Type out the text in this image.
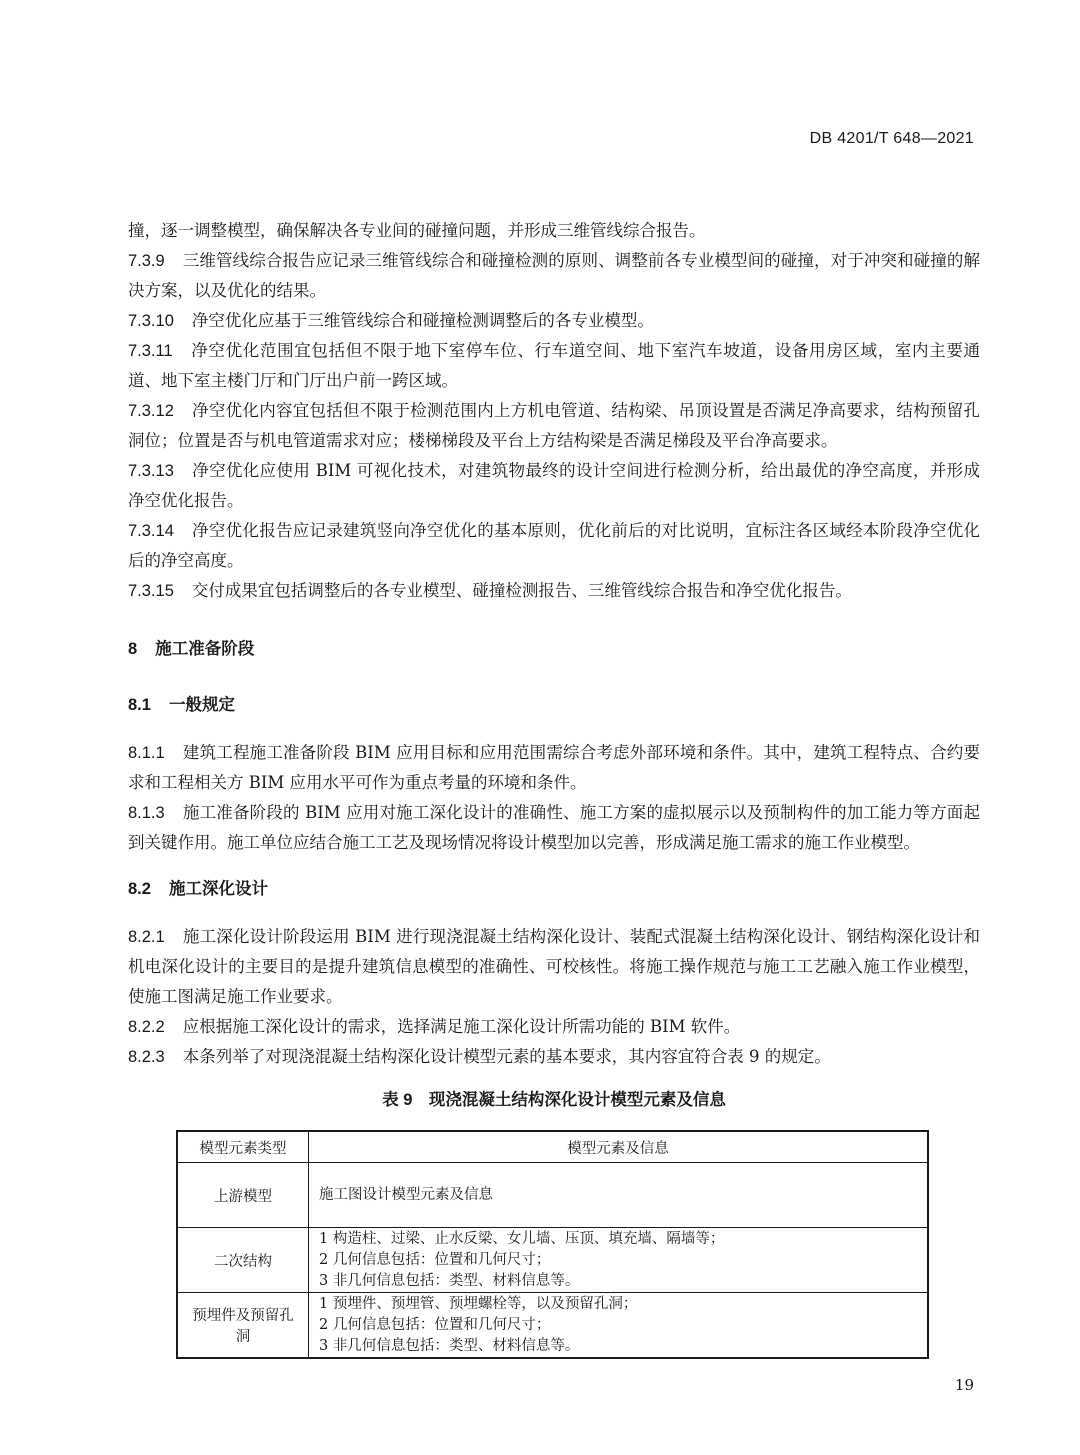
DB 4201/T 648—2021

撞，逐一调整模型，确保解决各专业间的碰撞问题，并形成三维管线综合报告。

7.3.9 三维管线综合报告应记录三维管线综合和碰撞检测的原则、调整前各专业模型间的碰撞，对于冲突和碰撞的解决方案，以及优化的结果。

7.3.10 净空优化应基于三维管线综合和碰撞检测调整后的各专业模型。

7.3.11 净空优化范围宜包括但不限于地下室停车位、行车道空间、地下室汽车坡道，设备用房区域，室内主要通道、地下室主楼门厅和门厅出户前一跨区域。

7.3.12 净空优化内容宜包括但不限于检测范围内上方机电管道、结构梁、吊顶设置是否满足净高要求，结构预留孔洞位；位置是否与机电管道需求对应；楼梯梯段及平台上方结构梁是否满足梯段及平台净高要求。

7.3.13 净空优化应使用 BIM 可视化技术，对建筑物最终的设计空间进行检测分析，给出最优的净空高度，并形成净空优化报告。

7.3.14 净空优化报告应记录建筑竖向净空优化的基本原则，优化前后的对比说明，宜标注各区域经本阶段净空优化后的净空高度。

7.3.15 交付成果宜包括调整后的各专业模型、碰撞检测报告、三维管线综合报告和净空优化报告。

8 施工准备阶段
8.1 一般规定

8.1.1 建筑工程施工准备阶段 BIM 应用目标和应用范围需综合考虑外部环境和条件。其中，建筑工程特点、合约要求和工程相关方 BIM 应用水平可作为重点考量的环境和条件。

8.1.3 施工准备阶段的 BIM 应用对施工深化设计的准确性、施工方案的虚拟展示以及预制构件的加工能力等方面起到关键作用。施工单位应结合施工工艺及现场情况将设计模型加以完善，形成满足施工需求的施工作业模型。

8.2 施工深化设计

8.2.1 施工深化设计阶段运用 BIM 进行现浇混凝土结构深化设计、装配式混凝土结构深化设计、钢结构深化设计和机电深化设计的主要目的是提升建筑信息模型的准确性、可校核性。将施工操作规范与施工工艺融入施工作业模型，使施工图满足施工作业要求。

8.2.2 应根据施工深化设计的需求，选择满足施工深化设计所需功能的 BIM 软件。

8.2.3 本条列举了对现浇混凝土结构深化设计模型元素的基本要求，其内容宜符合表 9 的规定。

表 9　现浇混凝土结构深化设计模型元素及信息
模型元素类型	模型元素及信息
上游模型	施工图设计模型元素及信息

二次结构	1 构造柱、过梁、止水反梁、女儿墙、压顶、填充墙、隔墙等；
2 几何信息包括：位置和几何尺寸；
3 非几何信息包括：类型、材料信息等。

预埋件及预留孔洞	1 预埋件、预埋管、预埋螺栓等，以及预留孔洞；
2 几何信息包括：位置和几何尺寸；
3 非几何信息包括：类型、材料信息等。
19
